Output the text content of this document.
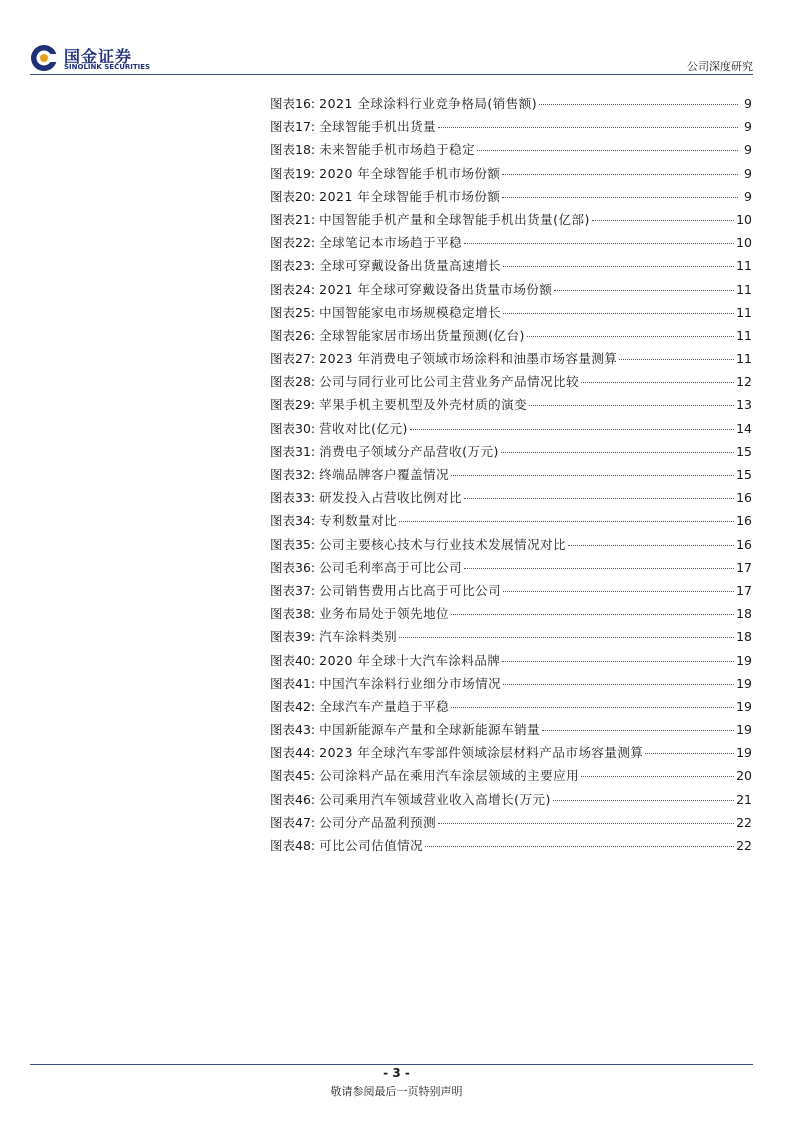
国金证券
SINOLINK SECURITIES	公司深度研究
图表16: 2021 全球涂料行业竞争格局(销售额)	9
图表17: 全球智能手机出货量	9
图表18: 未来智能手机市场趋于稳定	9
图表19: 2020 年全球智能手机市场份额	9
图表20: 2021 年全球智能手机市场份额	9
图表21: 中国智能手机产量和全球智能手机出货量(亿部)	10
图表22: 全球笔记本市场趋于平稳	10
图表23: 全球可穿戴设备出货量高速增长	11
图表24: 2021 年全球可穿戴设备出货量市场份额	11
图表25: 中国智能家电市场规模稳定增长	11
图表26: 全球智能家居市场出货量预测(亿台)	11
图表27: 2023 年消费电子领域市场涂料和油墨市场容量测算	11
图表28: 公司与同行业可比公司主营业务产品情况比较	12
图表29: 苹果手机主要机型及外壳材质的演变	13
图表30: 营收对比(亿元)	14
图表31: 消费电子领域分产品营收(万元)	15
图表32: 终端品牌客户覆盖情况	15
图表33: 研发投入占营收比例对比	16
图表34: 专利数量对比	16
图表35: 公司主要核心技术与行业技术发展情况对比	16
图表36: 公司毛利率高于可比公司	17
图表37: 公司销售费用占比高于可比公司	17
图表38: 业务布局处于领先地位	18
图表39: 汽车涂料类别	18
图表40: 2020 年全球十大汽车涂料品牌	19
图表41: 中国汽车涂料行业细分市场情况	19
图表42: 全球汽车产量趋于平稳	19
图表43: 中国新能源车产量和全球新能源车销量	19
图表44: 2023 年全球汽车零部件领域涂层材料产品市场容量测算	19
图表45: 公司涂料产品在乘用汽车涂层领域的主要应用	20
图表46: 公司乘用汽车领域营业收入高增长(万元)	21
图表47: 公司分产品盈利预测	22
图表48: 可比公司估值情况	22
- 3 -
敬请参阅最后一页特别声明
